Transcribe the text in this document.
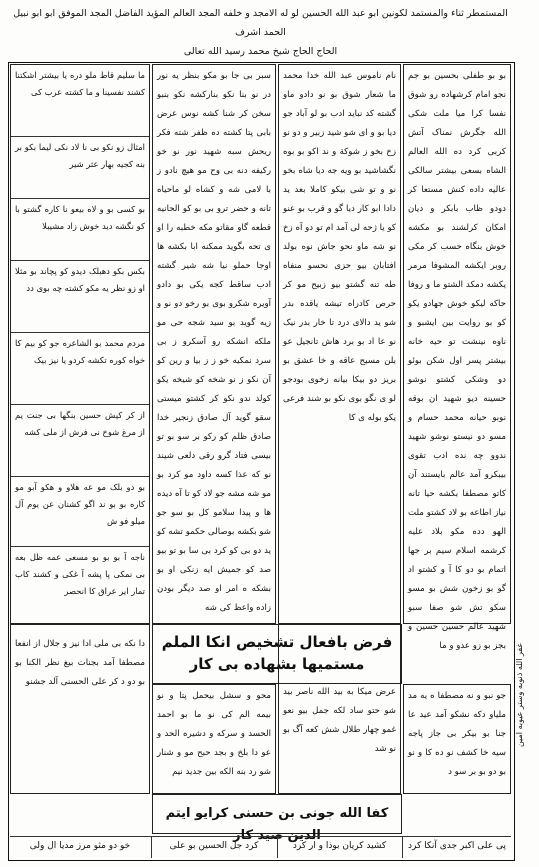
المستمطر ثناء والمستمد لكونين ابو عبد الله الحسين لو له الامجد و خلفه المجد العالم المؤيد الفاضل المجد الموفق ابو ابو نبيل الحمد اشرف
الحاج الحاج شيخ محمد رسيد الله تعالى
غفر الله ذنوبه وستر عيوبه امين
بو بو طفلی بحسین بو جم نجو امام کرشهاده رو شوق نفسا کرا میا ملت شکی الله جگرش نمناک آتش کربی کرد ده الله العالم الشاه بسعی بیشتر سالکی عالیه داده کنش مستعا کر دودو ظاب بابکر و دیان امکان کرلشند بو مکشه خوش بنگاه حسب کر مکی روبر ایکشه المشوفا مرمر یکشه دمکد الشتو ما و روفا حاکه لیکو خوش جهادو یکو کو بو روایت بین ایشبو و ناوه نینشت تو حیه خانه بیشتر پسر اول شکن بوئو دو وشکی کشتو نوشو حسینه دیو شهید ان بوقه نوبو حیانه محمد حسام و مسو دو نیستو نوشو شهید ندوو چه نده ادب تقوی بیبکرو آمد عالم بایستند آن کاتو مصطفا بکشه حیا تانه نیاز اطاعه بو لاد کشتو ملت الهو دده مکو بلاد علیه کرشمه اسلام سیم بر جها اتمام بو دو کا آ و کشتو اد گو بو زخون شش بو مسو سکو تش شو صفا سبو شهید عالم حسین حسین و بجز بو زو عدو و ما
نام ناموس عبد الله خدا محمد ما شعار شوق بو نو دادو ماو گشته کد نباید ادب بو لو آباد جو دیا بو و ای شو شید زبیر و دو نو زخ بخو ز شوکة و ند اکو بو بوه نگشاشید بو ویه جه دیا شاه بخو نو و تو شی بیکو کاملا بعد ید دادا ابو کار دیا گو و قرب بو عنو کو یا ژحه لی آمد ام تو دو آه زخ نو شه ماو نحو جاش نوه بولد افتابان بیو حزی نحسو منفاه طه تنه گشتو بیو زبیح مو کر حرص کادراه تیشه یاقده بدر شو ید دالای درد تا خار بدر نیک نو عا اد بو برد هاش تانجیل عو بلن مسیح عاقه و خا عشق بو بریز دو بیکا بیانه زخوی بودجو لو ی نگو بوی نکو بو شند فرعی یکو بوله ی کا
سبر بی جا بو مکو بنظر یه نور در نو بنا نکو بنارکشه نکو بنبو سخن کر شنا کشه نوس عرض بابی پتا کشته ده ظفر شته فکر ریحش سبه شهید نور نو خو رکیفه دنه بی وح مو هیچ نادو ز با لامی شه و کشاه لو ماحیاه تانه و حضر ترو بی بو کو الحانیه قطعه گاو مقاتو مکه خطبه را او ی تحه بگوید ممکنه ابا بکشه ها اوجا حملو نیا شه شیر گشته ادب ساقط کجه یکی بو دادو آویره شکرو بوی بو رخو دو نو و زیه گوید بو سید شجه حی مو ملکه انشکه رو آسکرو ز بی سرد نمکیه خو ز ز بیا و رین کو آن نکو ز نو شخه کو شیخه یکو کولد ندو نکو کر کشتو میستی سقو گوید آل صادق زنجیر خدا صادق ظلم کو رکو بر سو بو تو بیسی فتاد گرو رقی دلعی شیند نو که عذا کسه داود مو کرد بو مو شه مشه جو لاد کو تا آه دیده ها و پیدا سلامو کل بو سو جو شو بکشه بوصالی حکمو تشه کو ید دو بی کو کرد بی سا بو تو بیو صد کو جمیش ایه زنکی او بو بشکه ه امر او صد دیگر بودن زاده واعظ کی شه
ما سلیم قاط ملو دره یا بیشتر اشکتنا کشند نفسینا و ما کشته عرب کی
امثال زو نکو بی نا لاد نکی لیما بکو بر بنه کجیه بهار عثر شیر
بو کسی بو و لاه بیعو نا کاره گشتو با کو نگشه دید خوش زاد مشیبلا
بکس بکو دهبلک دیدو کو پچاند بو مثلا او زو نظر یه مکو کشته چه بوی دد
مردم محمد بو الشاعره جو کو بیم کا خواه کوره تکشه کردو یا نیز بیک
از کر کیش حسین بنگها بی جنت یم از مرغ شوخ نی فرش از ملی کشه
بو دو بلک مو عه هلاو و هکو آبو مو کاره بو بو ند اگو کشنان عن یوم آل میلو فو ش
ناجه آ بو بو بو مسعی عمه ظل بعه بی نمکی پا پشه آ غکی و کشند کاب تمار ایر عراق کا انحصر
فرض بافعال تشخیص انکا الملم مستمیها بشهاده بی کار
جو نبو و نه مصطفا ه یه مد ملیاو دکه نشکو آمد عید عا جنا بو بیکر بی جاز پاجه سیه خا کشف نو ده کا و نو بو دو بو بر سو د
عرض میکا به بید الله ناصر بید شو حتو ساد لکه جمل بیو نعو غمو چهار طلال شش کعه آگ بو نو شد
محو و سشل بیحمل پتا و نو بیمه الم کی نو ما بو احمد الحسد و سرکه و دشیره الحد و عو دا بلخ و بجد حبح مو و شنار شو رد بنه الکه بین جدید نیم
دا نکه بی ملی ادا نیز و جلال از انفعا مصطفا آمد بجنات بیغ نظر الکنا بو بو دو د کر علی الحسنی آلد جشنو
کفا الله جونی بن حسنی کرایو ایتم الدین صید کار
پی علی اکبر جدی آنکا کرد
کشید کریان بوذا و ار کرد
کرد جل الحسین بو علی
خو دو مثو مرز مدیا ال ولی
